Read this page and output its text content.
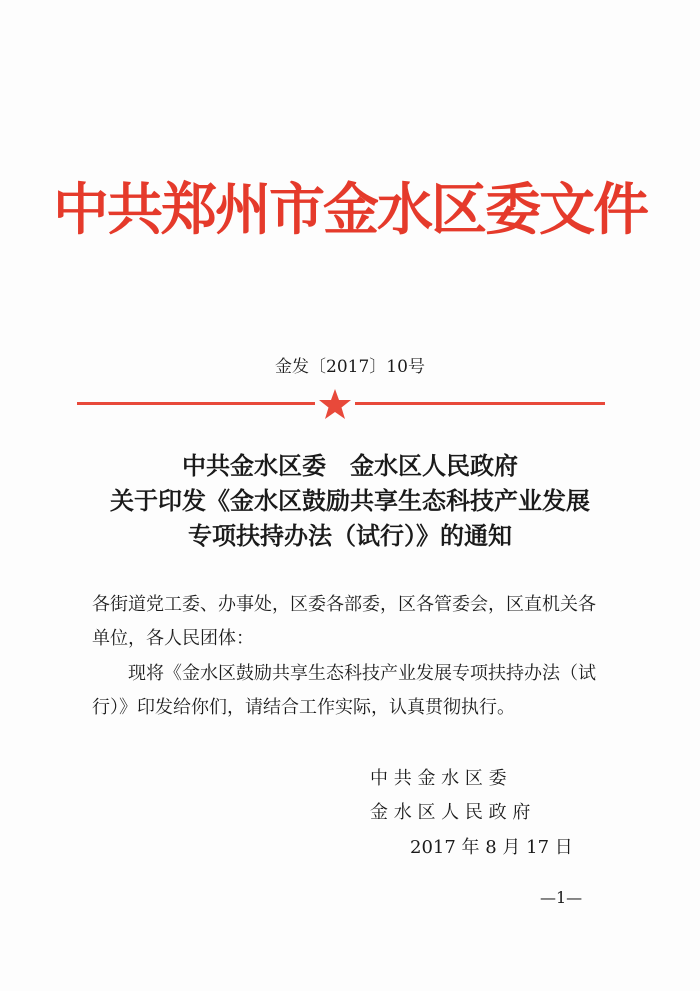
中共郑州市金水区委文件
金发〔2017〕10号
中共金水区委　金水区人民政府
关于印发《金水区鼓励共享生态科技产业发展
专项扶持办法（试行）》的通知
各街道党工委、办事处，区委各部委，区各管委会，区直机关各
单位，各人民团体：
现将《金水区鼓励共享生态科技产业发展专项扶持办法（试
行）》印发给你们，请结合工作实际，认真贯彻执行。
中 共 金 水 区 委
金 水 区 人 民 政 府
2017 年 8 月 17 日
—1—
